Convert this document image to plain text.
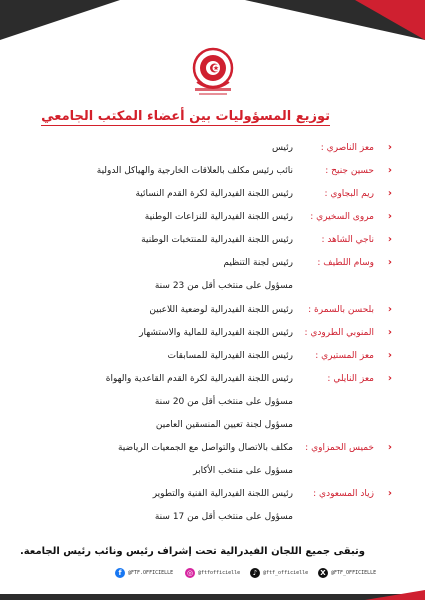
توزيع المسؤوليات بين أعضاء المكتب الجامعي
‹
معز الناصري :
رئيس
‹
حسين جنيح :
نائب رئيس مكلف بالعلاقات الخارجية والهياكل الدولية
‹
ريم البجاوي :
رئيس اللجنة الفيدرالية لكرة القدم النسائية
‹
مروى السخيري :
رئيس اللجنة الفيدرالية للنزاعات الوطنية
‹
ناجي الشاهد :
رئيس اللجنة الفيدرالية للمنتخبات الوطنية
‹
وسام اللطيف :
رئيس لجنة التنظيم
مسؤول على منتخب أقل من 23 سنة
‹
بلحسن بالسمرة :
رئيس اللجنة الفيدرالية لوضعية اللاعبين
‹
المنوبي الطرودي :
رئيس اللجنة الفيدرالية للمالية والاستشهار
‹
معز المستيري :
رئيس اللجنة الفيدرالية للمسابقات
‹
معز النايلي :
رئيس اللجنة الفيدرالية لكرة القدم القاعدية والهواة
مسؤول على منتخب أقل من 20 سنة
مسؤول لجنة تعيين المنسقين العامين
‹
خميس الحمزاوي :
مكلف بالاتصال والتواصل مع الجمعيات الرياضية
مسؤول على منتخب الأكابر
‹
زياد المسعودي :
رئيس اللجنة الفيدرالية الفنية والتطوير
مسؤول على منتخب أقل من 17 سنة
وتبقى جميع اللجان الفيدرالية تحت إشراف رئيس ونائب رئيس الجامعة.
f	@FTF.OFFICIELLE ◎ @ftfofficielle	♪	@ftf_officielle	X	@FTF_OFFICIELLE
